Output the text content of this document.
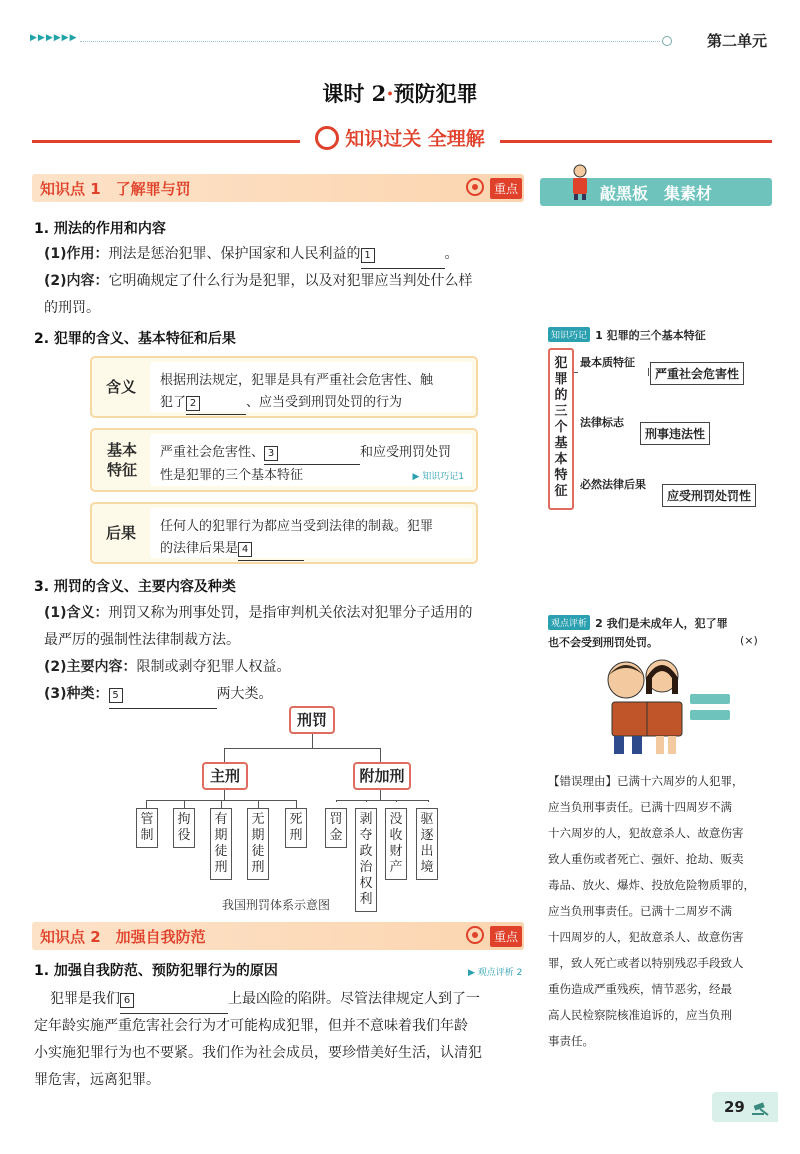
▶▶▶▶▶▶	第二单元
课时 2·预防犯罪
知识过关 全理解
知识点 1　了解罪与罚	重点
1. 刑法的作用和内容
(1)作用：刑法是惩治犯罪、保护国家和人民利益的 1	。
(2)内容：它明确规定了什么行为是犯罪，以及对犯罪应当判处什么样
的刑罚。
2. 犯罪的含义、基本特征和后果
含义	根据刑法规定，犯罪是具有严重社会危害性、触
犯了 2	、应当受到刑罚处罚的行为
基本特征
严重社会危害性、 3	和应受刑罚处罚
性是犯罪的三个基本特征	▶ 知识巧记1
后果	任何人的犯罪行为都应当受到法律的制裁。犯罪
的法律后果是 4
3. 刑罚的含义、主要内容及种类
(1)含义：刑罚又称为刑事处罚，是指审判机关依法对犯罪分子适用的
最严厉的强制性法律制裁方法。
(2)主要内容：限制或剥夺犯罪人权益。
(3)种类： 5	两大类。
刑罚
主刑	附加刑
管
制
拘
役
有
期
徒
刑
无
期
徒
刑
死
刑
罚
金
剥
夺
政
治
权
利
没
收
财
产
驱
逐
出
境
我国刑罚体系示意图
知识点 2　加强自我防范	重点
1. 加强自我防范、预防犯罪行为的原因	▶ 观点评析 2
犯罪是我们 6	上最凶险的陷阱。尽管法律规定人到了一
定年龄实施严重危害社会行为才可能构成犯罪，但并不意味着我们年龄
小实施犯罪行为也不要紧。我们作为社会成员，要珍惜美好生活，认清犯
罪危害，远离犯罪。
敲黑板　集素材
知识巧记 1 犯罪的三个基本特征
犯
罪
的
三
个
基
本
特
征
最本质特征
严重社会危害性
法律标志
刑事违法性
必然法律后果
应受刑罚处罚性
观点评析 2 我们是未成年人，犯了罪
也不会受到刑罚处罚。	(×)
【错误理由】已满十六周岁的人犯罪，
应当负刑事责任。已满十四周岁不满
十六周岁的人，犯故意杀人、故意伤害
致人重伤或者死亡、强奸、抢劫、贩卖
毒品、放火、爆炸、投放危险物质罪的，
应当负刑事责任。已满十二周岁不满
十四周岁的人，犯故意杀人、故意伤害
罪，致人死亡或者以特别残忍手段致人
重伤造成严重残疾，情节恶劣，经最
高人民检察院核准追诉的，应当负刑
事责任。
29
